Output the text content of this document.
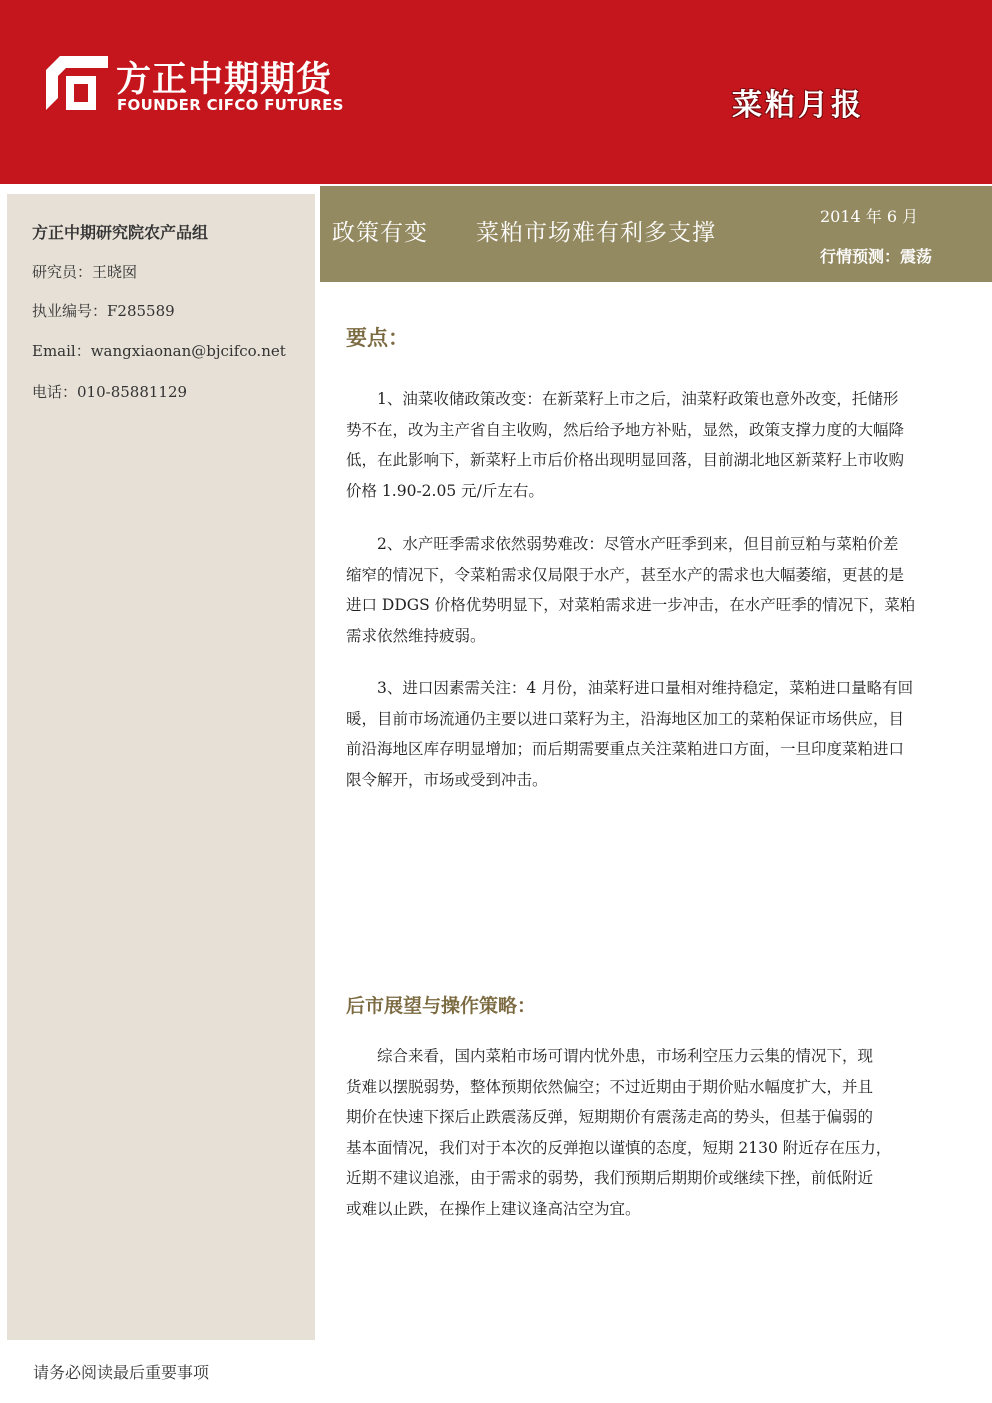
方正中期期货
FOUNDER CIFCO FUTURES	菜粕月报
方正中期研究院农产品组
研究员：王晓囡
执业编号：F285589
Email：wangxiaonan@bjcifco.net
电话：010-85881129
政策有变　　菜粕市场难有利多支撑
2014 年 6 月
行情预测：震荡
要点：
　　1、油菜收储政策改变：在新菜籽上市之后，油菜籽政策也意外改变，托储形
势不在，改为主产省自主收购，然后给予地方补贴，显然，政策支撑力度的大幅降
低，在此影响下，新菜籽上市后价格出现明显回落，目前湖北地区新菜籽上市收购
价格 1.90-2.05 元/斤左右。
　　2、水产旺季需求依然弱势难改：尽管水产旺季到来，但目前豆粕与菜粕价差
缩窄的情况下，令菜粕需求仅局限于水产，甚至水产的需求也大幅萎缩，更甚的是
进口 DDGS 价格优势明显下，对菜粕需求进一步冲击，在水产旺季的情况下，菜粕
需求依然维持疲弱。
　　3、进口因素需关注：4 月份，油菜籽进口量相对维持稳定，菜粕进口量略有回
暖，目前市场流通仍主要以进口菜籽为主，沿海地区加工的菜粕保证市场供应，目
前沿海地区库存明显增加；而后期需要重点关注菜粕进口方面，一旦印度菜粕进口
限令解开，市场或受到冲击。
后市展望与操作策略：
　　综合来看，国内菜粕市场可谓内忧外患，市场利空压力云集的情况下，现
货难以摆脱弱势，整体预期依然偏空；不过近期由于期价贴水幅度扩大，并且
期价在快速下探后止跌震荡反弹，短期期价有震荡走高的势头，但基于偏弱的
基本面情况，我们对于本次的反弹抱以谨慎的态度，短期 2130 附近存在压力，
近期不建议追涨，由于需求的弱势，我们预期后期期价或继续下挫，前低附近
或难以止跌，在操作上建议逢高沽空为宜。
请务必阅读最后重要事项
